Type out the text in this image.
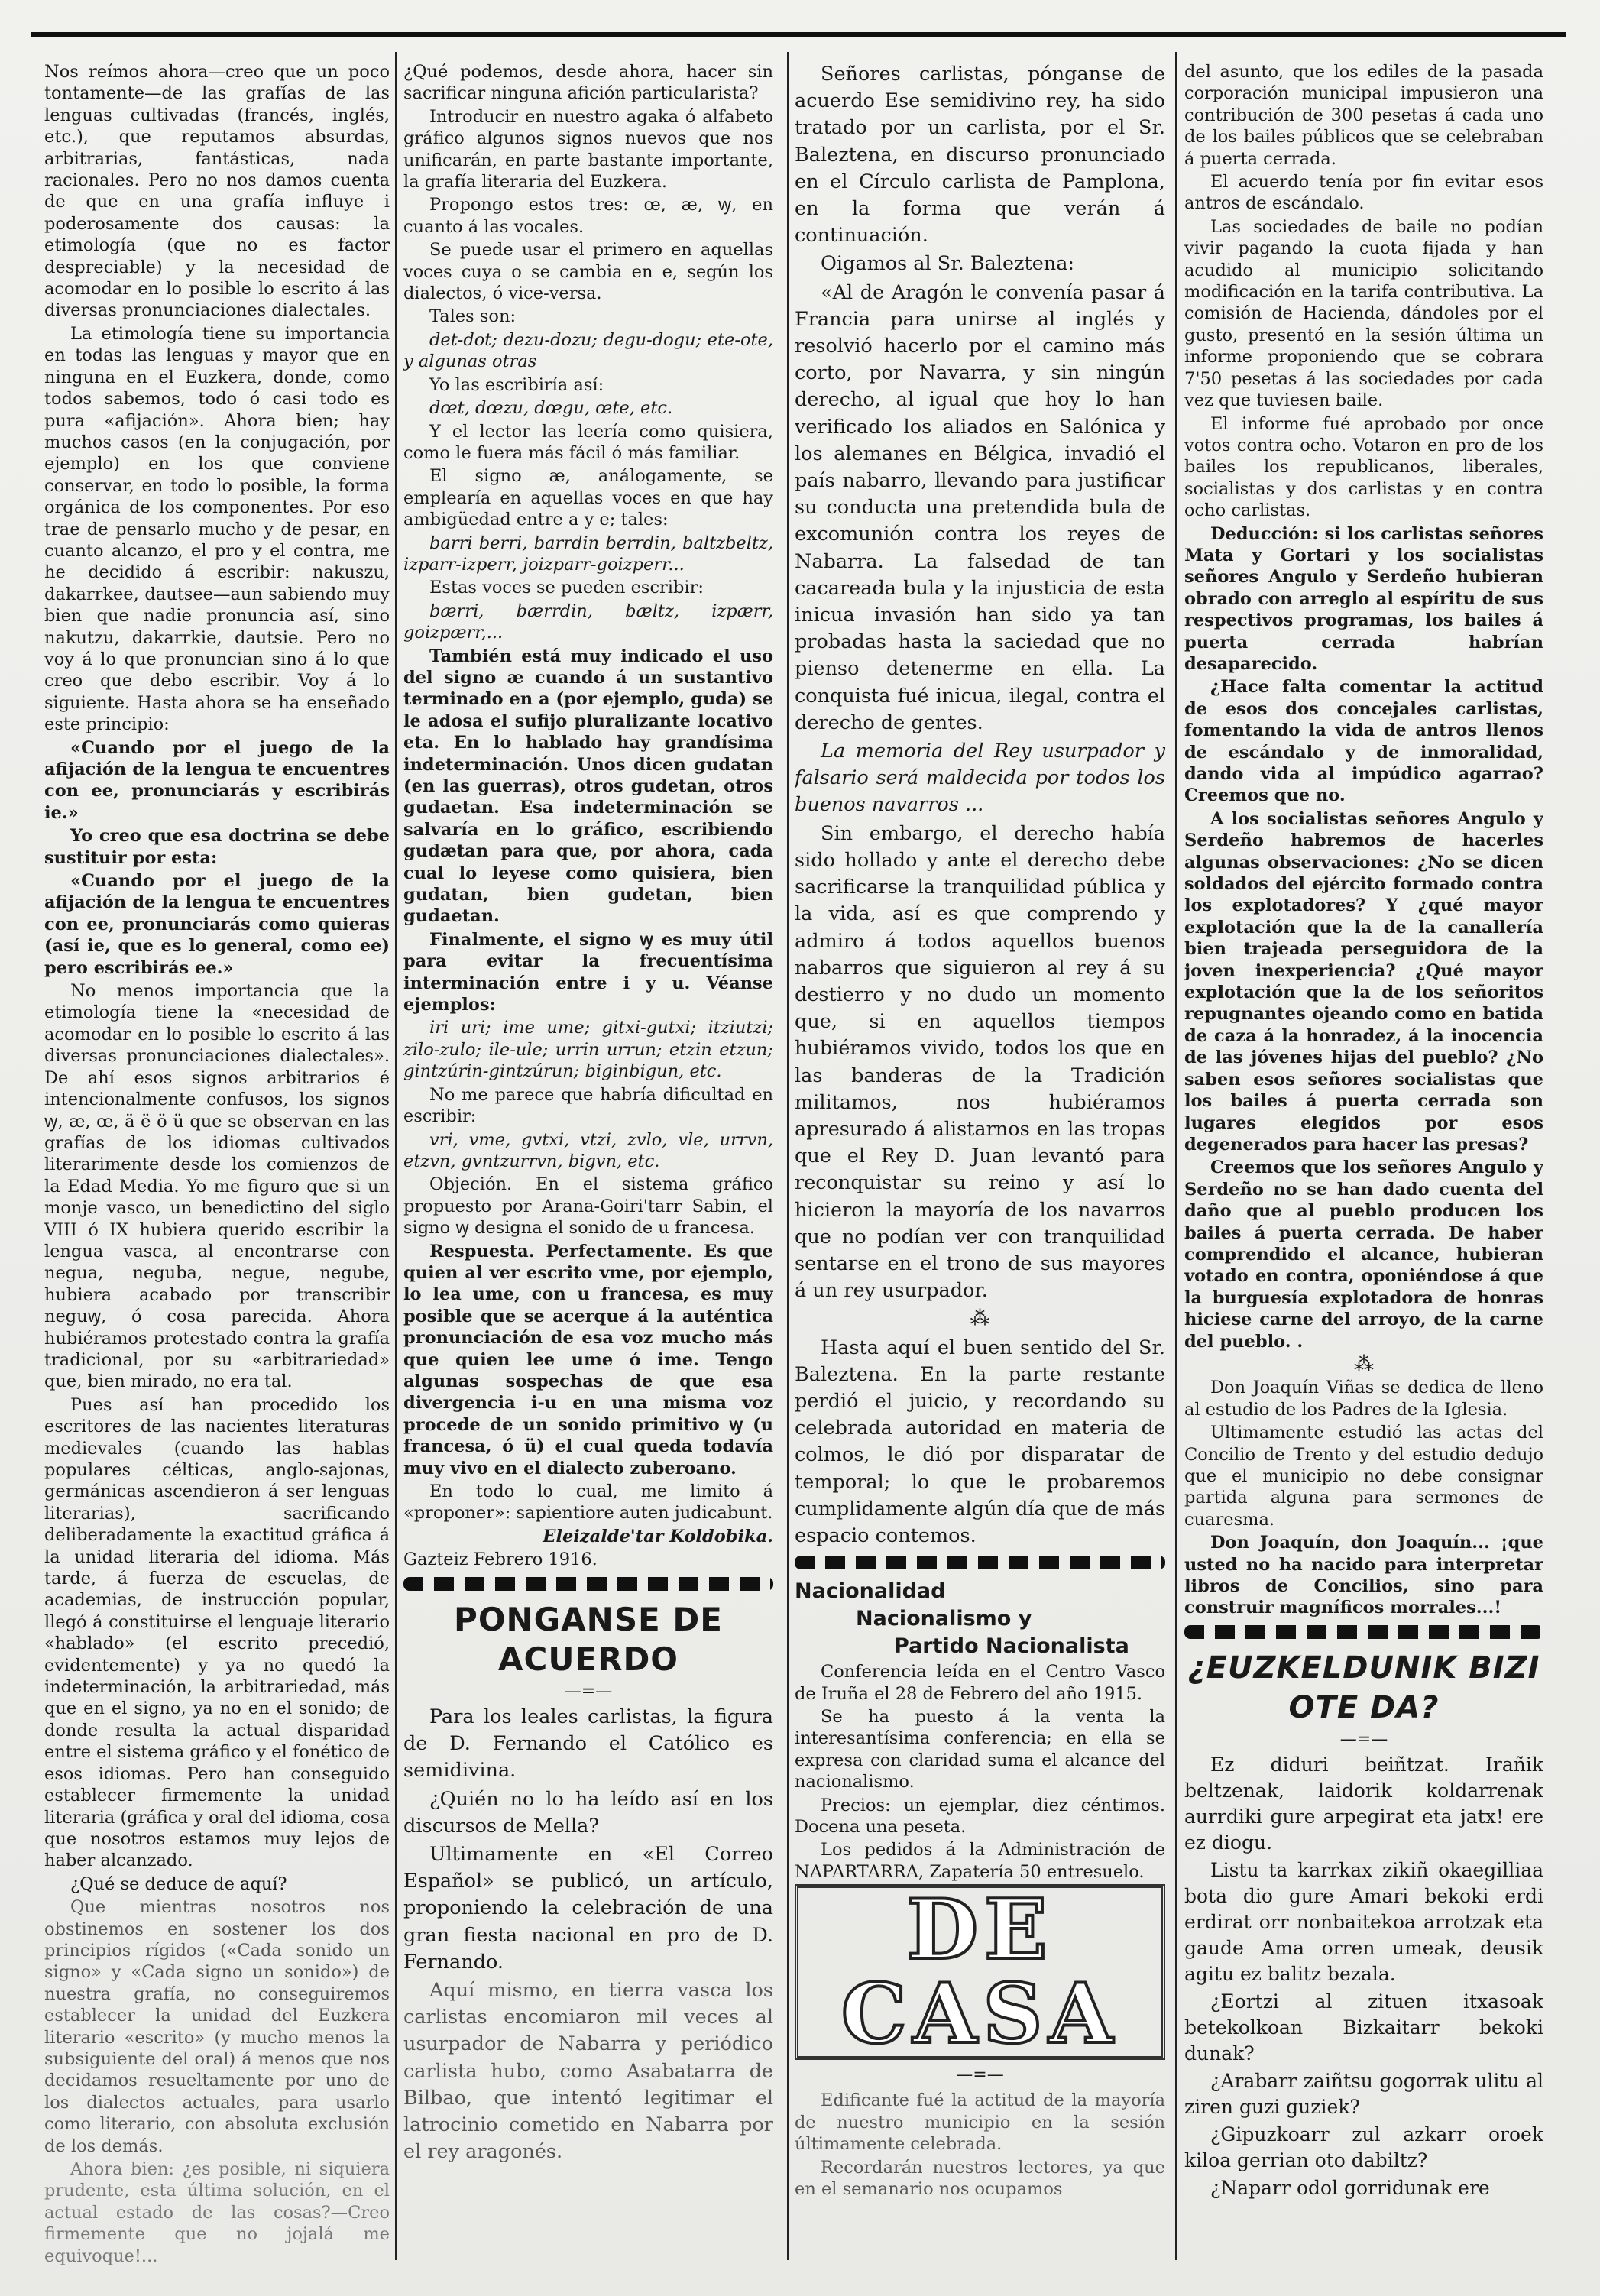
Nos reímos ahora—creo que un poco tontamente—de las grafías de las lenguas cultivadas (francés, inglés, etc.), que reputamos absurdas, arbitrarias, fantásticas, nada racionales. Pero no nos damos cuenta de que en una grafía influye i poderosamente dos causas: la etimología (que no es factor despreciable) y la necesidad de acomodar en lo posible lo escrito á las diversas pronunciaciones dialectales.

La etimología tiene su importancia en todas las lenguas y mayor que en ninguna en el Euzkera, donde, como todos sabemos, todo ó casi todo es pura «afijación». Ahora bien; hay muchos casos (en la conjugación, por ejemplo) en los que conviene conservar, en todo lo posible, la forma orgánica de los componentes. Por eso trae de pensarlo mucho y de pesar, en cuanto alcanzo, el pro y el contra, me he decidido á escribir: nakuszu, dakarrkee, dautsee—aun sabiendo muy bien que nadie pronuncia así, sino nakutzu, dakarrkie, dautsie. Pero no voy á lo que pronuncian sino á lo que creo que debo escribir. Voy á lo siguiente. Hasta ahora se ha enseñado este principio:

«Cuando por el juego de la afijación de la lengua te encuentres con ee, pronunciarás y escribirás ie.»

Yo creo que esa doctrina se debe sustituir por esta:

«Cuando por el juego de la afijación de la lengua te encuentres con ee, pronunciarás como quieras (así ie, que es lo general, como ee) pero escribirás ee.»

No menos importancia que la etimología tiene la «necesidad de acomodar en lo posible lo escrito á las diversas pronunciaciones dialectales». De ahí esos signos arbitrarios é intencionalmente confusos, los signos ꝡ, æ, œ, ä ë ö ü que se observan en las grafías de los idiomas cultivados literarimente desde los comienzos de la Edad Media. Yo me figuro que si un monje vasco, un benedictino del siglo VIII ó IX hubiera querido escribir la lengua vasca, al encontrarse con negua, neguba, negue, negube, hubiera acabado por transcribir neguꝡ, ó cosa parecida. Ahora hubiéramos protestado contra la grafía tradicional, por su «arbitrariedad» que, bien mirado, no era tal.

Pues así han procedido los escritores de las nacientes literaturas medievales (cuando las hablas populares célticas, anglo-sajonas, germánicas ascendieron á ser lenguas literarias), sacrificando deliberadamente la exactitud gráfica á la unidad literaria del idioma. Más tarde, á fuerza de escuelas, de academias, de instrucción popular, llegó á constituirse el lenguaje literario «hablado» (el escrito precedió, evidentemente) y ya no quedó la indeterminación, la arbitrariedad, más que en el signo, ya no en el sonido; de donde resulta la actual disparidad entre el sistema gráfico y el fonético de esos idiomas. Pero han conseguido establecer firmemente la unidad literaria (gráfica y oral del idioma, cosa que nosotros estamos muy lejos de haber alcanzado.

¿Qué se deduce de aquí?

Que mientras nosotros nos obstinemos en sostener los dos principios rígidos («Cada sonido un signo» y «Cada signo un sonido») de nuestra grafía, no conseguiremos establecer la unidad del Euzkera literario «escrito» (y mucho menos la subsiguiente del oral) á menos que nos decidamos resueltamente por uno de los dialectos actuales, para usarlo como literario, con absoluta exclusión de los demás.

Ahora bien: ¿es posible, ni siquiera prudente, esta última solución, en el actual estado de las cosas?—Creo firmemente que no jojalá me equivoque!...

¿Qué podemos, desde ahora, hacer sin sacrificar ninguna afición particularista?

Introducir en nuestro agaka ó alfabeto gráfico algunos signos nuevos que nos unificarán, en parte bastante importante, la grafía literaria del Euzkera.

Propongo estos tres: œ, æ, ꝡ, en cuanto á las vocales.

Se puede usar el primero en aquellas voces cuya o se cambia en e, según los dialectos, ó vice-versa.

Tales son:

det-dot; dezu-dozu; degu-dogu; ete-ote, y algunas otras

Yo las escribiría así:

dœt, dœzu, dœgu, œte, etc.

Y el lector las leería como quisiera, como le fuera más fácil ó más familiar.

El signo æ, análogamente, se emplearía en aquellas voces en que hay ambigüedad entre a y e; tales:

barri berri, barrdin berrdin, baltzbeltz, izparr-izperr, joizparr-goizperr...

Estas voces se pueden escribir:

bærri, bærrdin, bæltz, izpærr, goizpærr,...

También está muy indicado el uso del signo æ cuando á un sustantivo terminado en a (por ejemplo, guda) se le adosa el sufijo pluralizante locativo eta. En lo hablado hay grandísima indeterminación. Unos dicen gudatan (en las guerras), otros gudetan, otros gudaetan. Esa indeterminación se salvaría en lo gráfico, escribiendo gudætan para que, por ahora, cada cual lo leyese como quisiera, bien gudatan, bien gudetan, bien gudaetan.

Finalmente, el signo ꝡ es muy útil para evitar la frecuentísima interminación entre i y u. Véanse ejemplos:

iri uri; ime ume; gitxi-gutxi; itziutzi; zilo-zulo; ile-ule; urrin urrun; etzin etzun; gintzúrin-gintzúrun; biginbigun, etc.

No me parece que habría dificultad en escribir:

vri, vme, gvtxi, vtzi, zvlo, vle, urrvn, etzvn, gvntzurrvn, bigvn, etc.

Objeción. En el sistema gráfico propuesto por Arana-Goiri'tarr Sabin, el signo ꝡ designa el sonido de u francesa.

Respuesta. Perfectamente. Es que quien al ver escrito vme, por ejemplo, lo lea ume, con u francesa, es muy posible que se acerque á la auténtica pronunciación de esa voz mucho más que quien lee ume ó ime. Tengo algunas sospechas de que esa divergencia i-u en una misma voz procede de un sonido primitivo ꝡ (u francesa, ó ü) el cual queda todavía muy vivo en el dialecto zuberoano.

En todo lo cual, me limito á «proponer»: sapientiore auten judicabunt.

Eleizalde'tar Koldobika.

Gazteiz Febrero 1916.

PONGANSE DE ACUERDO

—=—

Para los leales carlistas, la figura de D. Fernando el Católico es semidivina.

¿Quién no lo ha leído así en los discursos de Mella?

Ultimamente en «El Correo Español» se publicó, un artículo, proponiendo la celebración de una gran fiesta nacional en pro de D. Fernando.

Aquí mismo, en tierra vasca los carlistas encomiaron mil veces al usurpador de Nabarra y periódico carlista hubo, como Asabatarra de Bilbao, que intentó legitimar el latrocinio cometido en Nabarra por el rey aragonés.

Señores carlistas, pónganse de acuerdo Ese semidivino rey, ha sido tratado por un carlista, por el Sr. Baleztena, en discurso pronunciado en el Círculo carlista de Pamplona, en la forma que verán á continuación.

Oigamos al Sr. Baleztena:

«Al de Aragón le convenía pasar á Francia para unirse al inglés y resolvió hacerlo por el camino más corto, por Navarra, y sin ningún derecho, al igual que hoy lo han verificado los aliados en Salónica y los alemanes en Bélgica, invadió el país nabarro, llevando para justificar su conducta una pretendida bula de excomunión contra los reyes de Nabarra. La falsedad de tan cacareada bula y la injusticia de esta inicua invasión han sido ya tan probadas hasta la saciedad que no pienso detenerme en ella. La conquista fué inicua, ilegal, contra el derecho de gentes.

La memoria del Rey usurpador y falsario será maldecida por todos los buenos navarros ...

Sin embargo, el derecho había sido hollado y ante el derecho debe sacrificarse la tranquilidad pública y la vida, así es que comprendo y admiro á todos aquellos buenos nabarros que siguieron al rey á su destierro y no dudo un momento que, si en aquellos tiempos hubiéramos vivido, todos los que en las banderas de la Tradición militamos, nos hubiéramos apresurado á alistarnos en las tropas que el Rey D. Juan levantó para reconquistar su reino y así lo hicieron la mayoría de los navarros que no podían ver con tranquilidad sentarse en el trono de sus mayores á un rey usurpador.

⁂

Hasta aquí el buen sentido del Sr. Baleztena. En la parte restante perdió el juicio, y recordando su celebrada autoridad en materia de colmos, le dió por disparatar de temporal; lo que le probaremos cumplidamente algún día que de más espacio contemos.

Nacionalidad

Nacionalismo y

Partido Nacionalista

Conferencia leída en el Centro Vasco de Iruña el 28 de Febrero del año 1915.

Se ha puesto á la venta la interesantísima conferencia; en ella se expresa con claridad suma el alcance del nacionalismo.

Precios: un ejemplar, diez céntimos. Docena una peseta.

Los pedidos á la Administración de NAPARTARRA, Zapatería 50 entresuelo.

DE CASA

—=—

Edificante fué la actitud de la mayoría de nuestro municipio en la sesión últimamente celebrada.

Recordarán nuestros lectores, ya que en el semanario nos ocupamos

del asunto, que los ediles de la pasada corporación municipal impusieron una contribución de 300 pesetas á cada uno de los bailes públicos que se celebraban á puerta cerrada.

El acuerdo tenía por fin evitar esos antros de escándalo.

Las sociedades de baile no podían vivir pagando la cuota fijada y han acudido al municipio solicitando modificación en la tarifa contributiva. La comisión de Hacienda, dándoles por el gusto, presentó en la sesión última un informe proponiendo que se cobrara 7'50 pesetas á las sociedades por cada vez que tuviesen baile.

El informe fué aprobado por once votos contra ocho. Votaron en pro de los bailes los republicanos, liberales, socialistas y dos carlistas y en contra ocho carlistas.

Deducción: si los carlistas señores Mata y Gortari y los socialistas señores Angulo y Serdeño hubieran obrado con arreglo al espíritu de sus respectivos programas, los bailes á puerta cerrada habrían desaparecido.

¿Hace falta comentar la actitud de esos dos concejales carlistas, fomentando la vida de antros llenos de escándalo y de inmoralidad, dando vida al impúdico agarrao? Creemos que no.

A los socialistas señores Angulo y Serdeño habremos de hacerles algunas observaciones: ¿No se dicen soldados del ejército formado contra los explotadores? Y ¿qué mayor explotación que la de la canallería bien trajeada perseguidora de la joven inexperiencia? ¿Qué mayor explotación que la de los señoritos repugnantes ojeando como en batida de caza á la honradez, á la inocencia de las jóvenes hijas del pueblo? ¿No saben esos señores socialistas que los bailes á puerta cerrada son lugares elegidos por esos degenerados para hacer las presas?

Creemos que los señores Angulo y Serdeño no se han dado cuenta del daño que al pueblo producen los bailes á puerta cerrada. De haber comprendido el alcance, hubieran votado en contra, oponiéndose á que la burguesía explotadora de honras hiciese carne del arroyo, de la carne del pueblo. .

⁂

Don Joaquín Viñas se dedica de lleno al estudio de los Padres de la Iglesia.

Ultimamente estudió las actas del Concilio de Trento y del estudio dedujo que el municipio no debe consignar partida alguna para sermones de cuaresma.

Don Joaquín, don Joaquín... ¡que usted no ha nacido para interpretar libros de Concilios, sino para construir magníficos morrales...!

¿EUZKELDUNIK BIZI OTE DA?

—=—

Ez diduri beiñtzat. Irañik beltzenak, laidorik koldarrenak aurrdiki gure arpegirat eta jatx! ere ez diogu.

Listu ta karrkax zikiñ okaegilliaa bota dio gure Amari bekoki erdi erdirat orr nonbaitekoa arrotzak eta gaude Ama orren umeak, deusik agitu ez balitz bezala.

¿Eortzi al zituen itxasoak betekolkoan Bizkaitarr bekoki dunak?

¿Arabarr zaiñtsu gogorrak ulitu al ziren guzi guziek?

¿Gipuzkoarr zul azkarr oroek kiloa gerrian oto dabiltz?

¿Naparr odol gorridunak ere
